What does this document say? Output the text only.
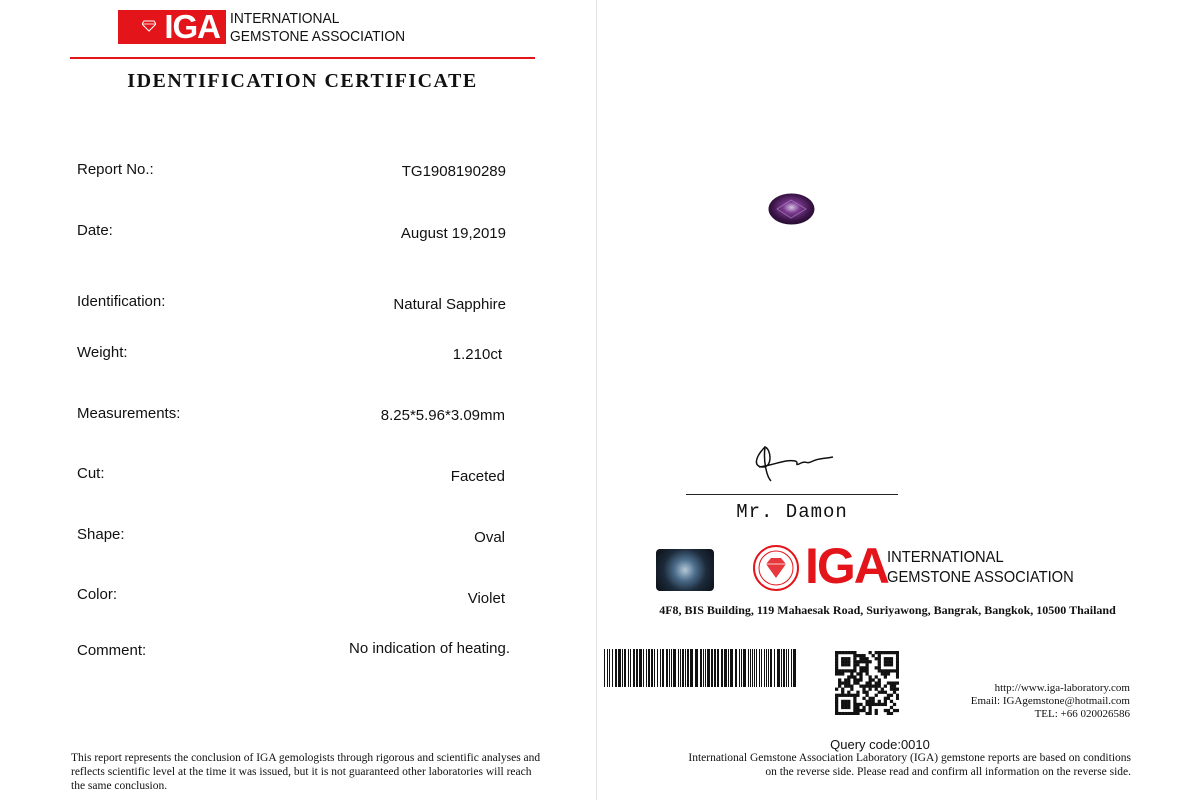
IGA INTERNATIONAL
GEMSTONE ASSOCIATION
IDENTIFICATION CERTIFICATE
Report No.:	TG1908190289
Date:	August 19,2019
Identification:	Natural Sapphire
Weight:	1.210ct
Measurements:	8.25*5.96*3.09mm
Cut:	Faceted
Shape:	Oval
Color:	Violet
Comment:	No indication of heating.
This report represents the conclusion of IGA gemologists through rigorous and scientific analyses and reflects scientific level at the time it was issued, but it is not guaranteed other laboratories will reach the same conclusion.
Mr. Damon
IGA INTERNATIONAL
GEMSTONE ASSOCIATION
4F8, BIS Building, 119 Mahaesak Road, Suriyawong, Bangrak, Bangkok, 10500 Thailand
http://www.iga-laboratory.com
Email: IGAgemstone@hotmail.com
TEL: +66 020026586
Query code:0010
International Gemstone Association Laboratory (IGA) gemstone reports are based on conditions on the reverse side. Please read and confirm all information on the reverse side.
